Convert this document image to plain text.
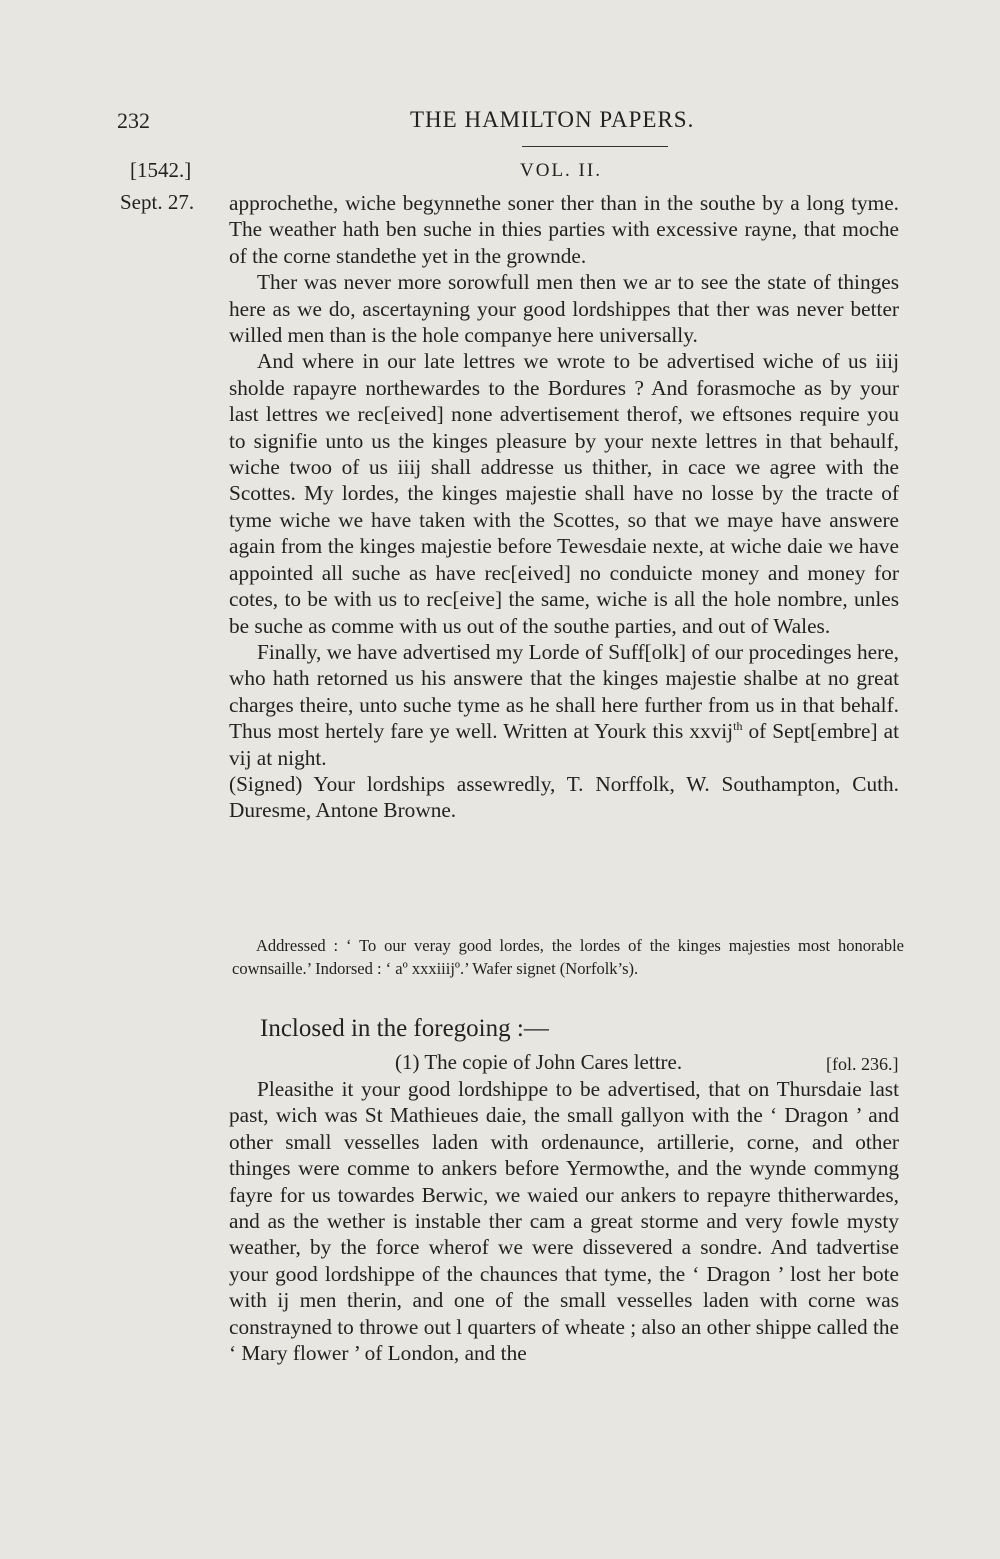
232	THE HAMILTON PAPERS.
[1542.]	VOL. II.
Sept. 27. approchethe, wiche begynnethe soner ther than in the southe by a long tyme. The weather hath ben suche in thies parties with excessive rayne, that moche of the corne standethe yet in the grownde.

Ther was never more sorowfull men then we ar to see the state of thinges here as we do, ascertayning your good lordshippes that ther was never better willed men than is the hole companye here universally.

And where in our late lettres we wrote to be advertised wiche of us iiij sholde rapayre northewardes to the Bordures ? And forasmoche as by your last lettres we rec[eived] none advertisement therof, we eftsones require you to signifie unto us the kinges pleasure by your nexte lettres in that behaulf, wiche twoo of us iiij shall addresse us thither, in cace we agree with the Scottes. My lordes, the kinges majestie shall have no losse by the tracte of tyme wiche we have taken with the Scottes, so that we maye have answere again from the kinges majestie before Tewesdaie nexte, at wiche daie we have appointed all suche as have rec[eived] no conduicte money and money for cotes, to be with us to rec[eive] the same, wiche is all the hole nombre, unles be suche as comme with us out of the southe parties, and out of Wales.

Finally, we have advertised my Lorde of Suff[olk] of our procedinges here, who hath retorned us his answere that the kinges majestie shalbe at no great charges theire, unto suche tyme as he shall here further from us in that behalf. Thus most hertely fare ye well. Written at Yourk this xxvij$^{th}$ of Sept[embre] at vij at night.

(Signed) Your lordships assewredly, T. Norffolk, W. Southampton, Cuth. Duresme, Antone Browne.

Addressed : ‘ To our veray good lordes, the lordes of the kinges majesties most honorable cownsaille.’ Indorsed : ‘ aº xxxiiijº.’ Wafer signet (Norfolk’s).
Inclosed in the foregoing :—
(1) The copie of John Cares lettre.	[fol. 236.]

Pleasithe it your good lordshippe to be advertised, that on Thursdaie last past, wich was St Mathieues daie, the small gallyon with the ‘ Dragon ’ and other small vesselles laden with ordenaunce, artillerie, corne, and other thinges were comme to ankers before Yermowthe, and the wynde commyng fayre for us towardes Berwic, we waied our ankers to repayre thitherwardes, and as the wether is instable ther cam a great storme and very fowle mysty weather, by the force wherof we were dissevered a sondre. And tadvertise your good lordshippe of the chaunces that tyme, the ‘ Dragon ’ lost her bote with ij men therin, and one of the small vesselles laden with corne was constrayned to throwe out l quarters of wheate ; also an other shippe called the ‘ Mary flower ’ of London, and the
